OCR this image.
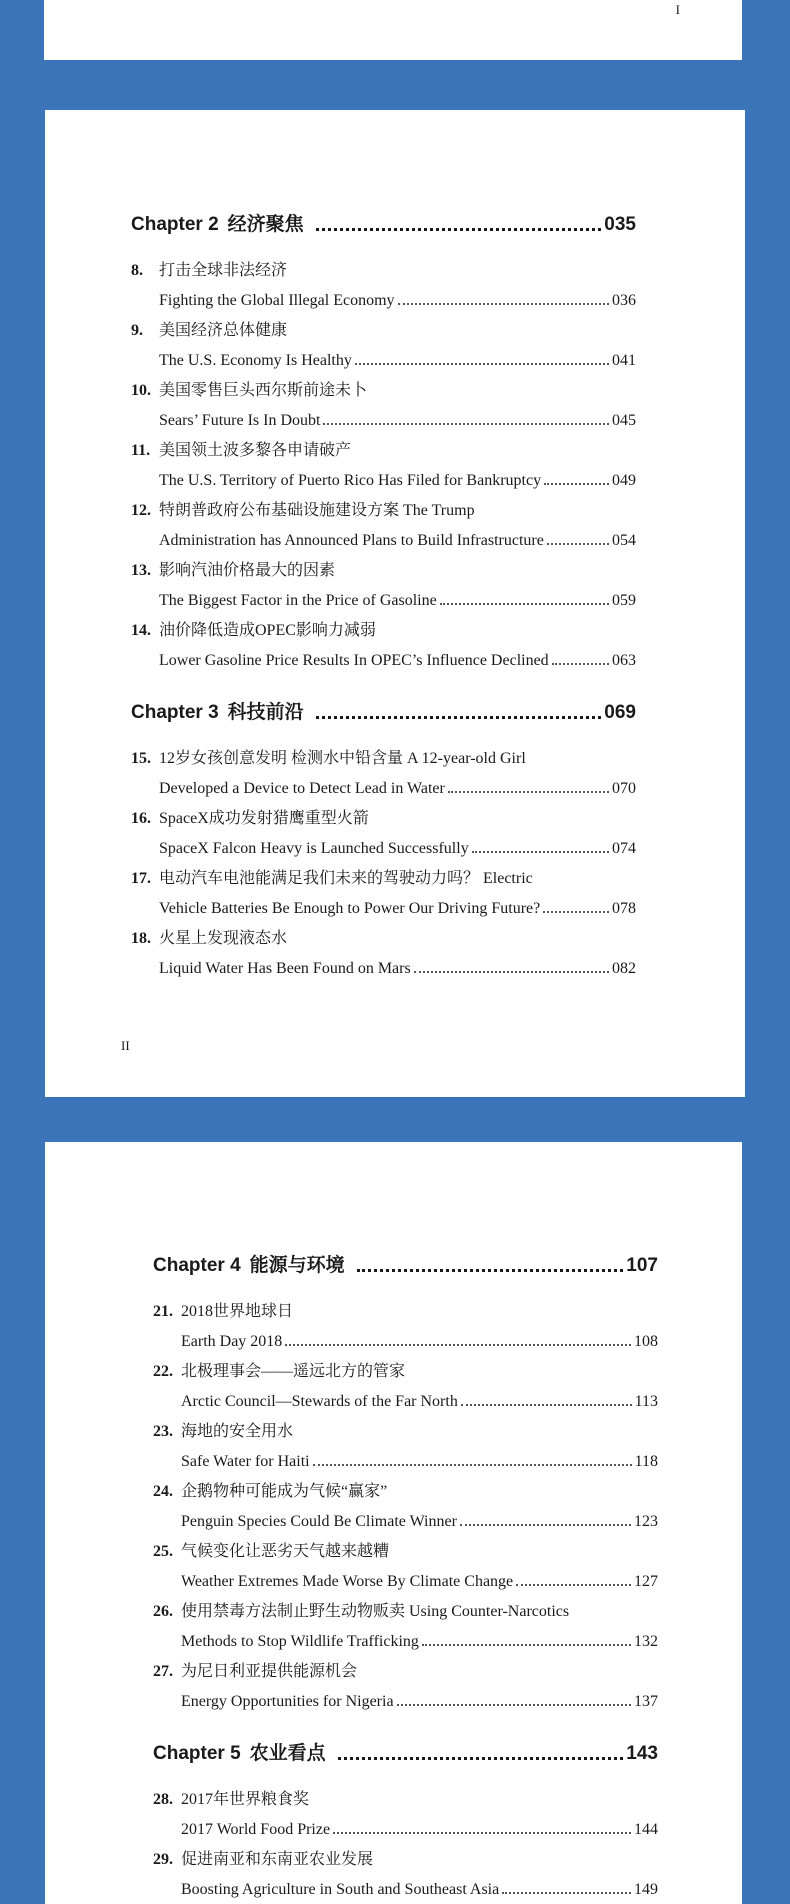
I
Chapter 2 经济聚焦	035
8.	打击全球非法经济
Fighting the Global Illegal Economy	036
9.	美国经济总体健康
The U.S. Economy Is Healthy	041
10. 美国零售巨头西尔斯前途未卜
Sears’ Future Is In Doubt	045
11. 美国领土波多黎各申请破产
The U.S. Territory of Puerto Rico Has Filed for Bankruptcy	049
12. 特朗普政府公布基础设施建设方案 The Trump
Administration has Announced Plans to Build Infrastructure	054
13. 影响汽油价格最大的因素
The Biggest Factor in the Price of Gasoline	059
14. 油价降低造成OPEC影响力减弱
Lower Gasoline Price Results In OPEC’s Influence Declined	063
Chapter 3 科技前沿	069
15. 12岁女孩创意发明 检测水中铅含量 A 12-year-old Girl
Developed a Device to Detect Lead in Water	070
16. SpaceX成功发射猎鹰重型火箭
SpaceX Falcon Heavy is Launched Successfully	074
17. 电动汽车电池能满足我们未来的驾驶动力吗？ Electric
Vehicle Batteries Be Enough to Power Our Driving Future?	078
18. 火星上发现液态水
Liquid Water Has Been Found on Mars	082
II
Chapter 4 能源与环境	107
21. 2018世界地球日
Earth Day 2018	108
22. 北极理事会——遥远北方的管家
Arctic Council—Stewards of the Far North	113
23. 海地的安全用水
Safe Water for Haiti	118
24. 企鹅物种可能成为气候“赢家”
Penguin Species Could Be Climate Winner	123
25. 气候变化让恶劣天气越来越糟
Weather Extremes Made Worse By Climate Change	127
26. 使用禁毒方法制止野生动物贩卖 Using Counter-Narcotics
Methods to Stop Wildlife Trafficking	132
27. 为尼日利亚提供能源机会
Energy Opportunities for Nigeria	137
Chapter 5 农业看点	143
28. 2017年世界粮食奖
2017 World Food Prize	144
29. 促进南亚和东南亚农业发展
Boosting Agriculture in South and Southeast Asia	149
